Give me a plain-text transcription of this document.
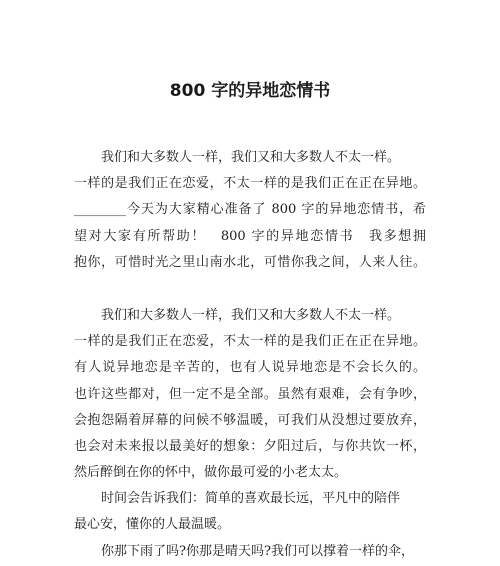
800 字的异地恋情书
我们和大多数人一样，我们又和大多数人不太一样。
一样的是我们正在恋爱，不太一样的是我们正在正在异地。
________今天为大家精心准备了 800 字的异地恋情书，希
望对大家有所帮助！　800 字的异地恋情书　我多想拥
抱你，可惜时光之里山南水北，可惜你我之间，人来人往。
我们和大多数人一样，我们又和大多数人不太一样。
一样的是我们正在恋爱，不太一样的是我们正在正在异地。
有人说异地恋是辛苦的，也有人说异地恋是不会长久的。
也许这些都对，但一定不是全部。虽然有艰难，会有争吵，
会抱怨隔着屏幕的问候不够温暖，可我们从没想过要放弃，
也会对未来报以最美好的想象：夕阳过后，与你共饮一杯，
然后醉倒在你的怀中，做你最可爱的小老太太。
时间会告诉我们：简单的喜欢最长远，平凡中的陪伴
最心安，懂你的人最温暖。
你那下雨了吗?你那是晴天吗?我们可以撑着一样的伞，
